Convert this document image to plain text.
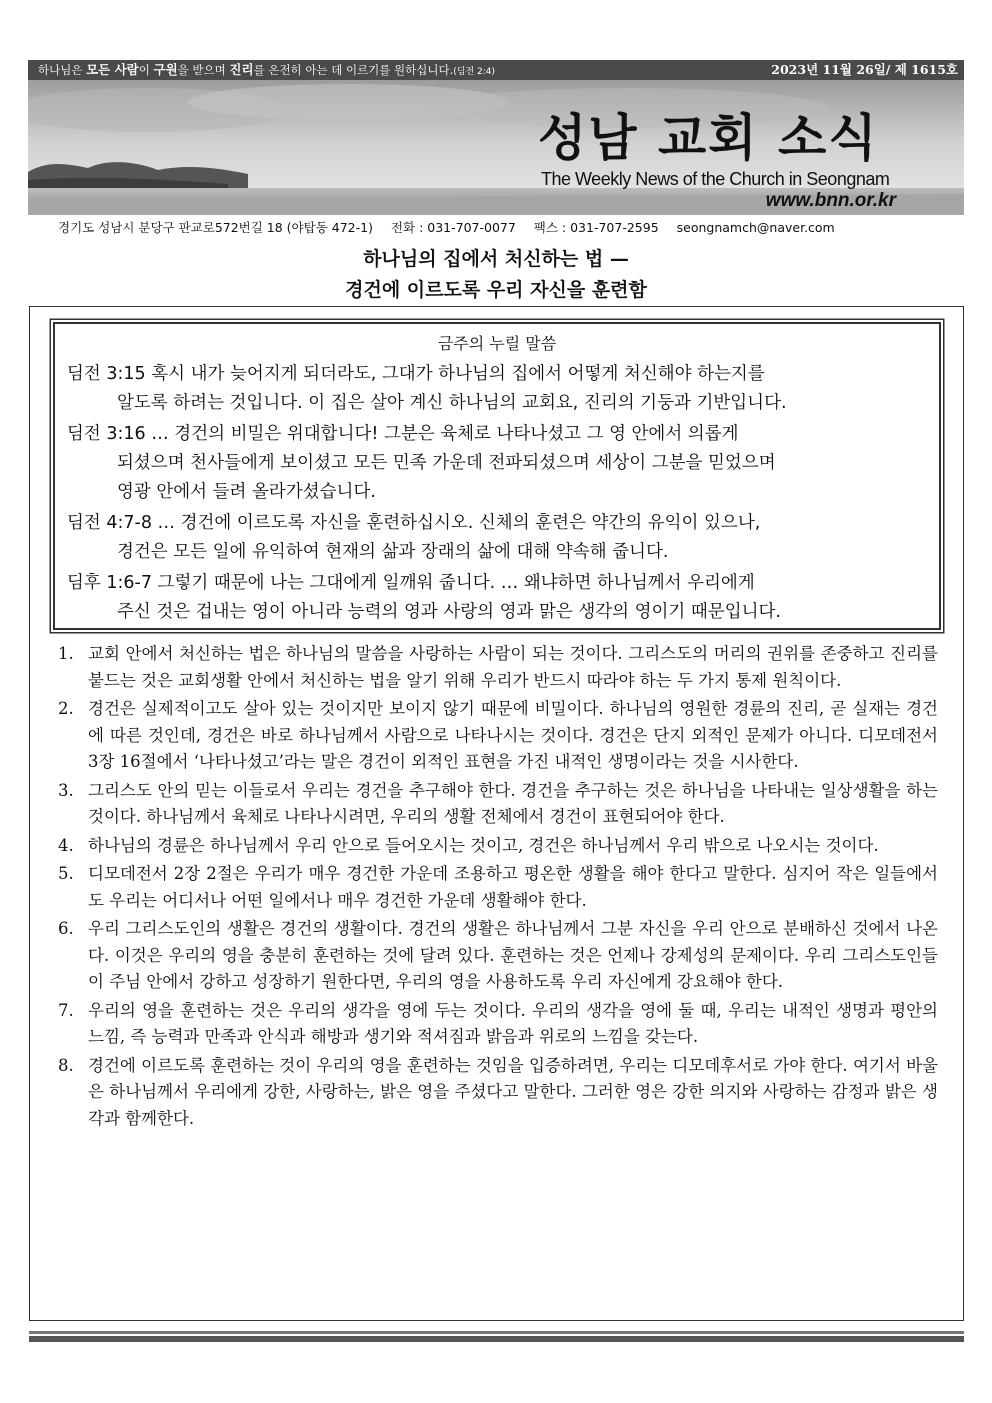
하나님은 모든 사람이 구원을 받으며 진리를 온전히 아는 데 이르기를 원하십니다.(딤전 2:4)	2023년 11월 26일/ 제 1615호
성남 교회 소식
The Weekly News of the Church in Seongnam
www.bnn.or.kr
경기도 성남시 분당구 판교로572번길 18 (야탑동 472-1) 전화 : 031-707-0077 팩스 : 031-707-2595 seongnamch@naver.com
하나님의 집에서 처신하는 법 —
경건에 이르도록 우리 자신을 훈련함
금주의 누릴 말씀
딤전 3:15 혹시 내가 늦어지게 되더라도, 그대가 하나님의 집에서 어떻게 처신해야 하는지를
알도록 하려는 것입니다. 이 집은 살아 계신 하나님의 교회요, 진리의 기둥과 기반입니다.
딤전 3:16 … 경건의 비밀은 위대합니다! 그분은 육체로 나타나셨고 그 영 안에서 의롭게
되셨으며 천사들에게 보이셨고 모든 민족 가운데 전파되셨으며 세상이 그분을 믿었으며
영광 안에서 들려 올라가셨습니다.
딤전 4:7-8 … 경건에 이르도록 자신을 훈련하십시오. 신체의 훈련은 약간의 유익이 있으나,
경건은 모든 일에 유익하여 현재의 삶과 장래의 삶에 대해 약속해 줍니다.
딤후 1:6-7 그렇기 때문에 나는 그대에게 일깨워 줍니다. … 왜냐하면 하나님께서 우리에게
주신 것은 겁내는 영이 아니라 능력의 영과 사랑의 영과 맑은 생각의 영이기 때문입니다.
1. 교회 안에서 처신하는 법은 하나님의 말씀을 사랑하는 사람이 되는 것이다. 그리스도의 머리의 권위를 존중하고 진리를 붙드는 것은 교회생활 안에서 처신하는 법을 알기 위해 우리가 반드시 따라야 하는 두 가지 통제 원칙이다.
2. 경건은 실제적이고도 살아 있는 것이지만 보이지 않기 때문에 비밀이다. 하나님의 영원한 경륜의 진리, 곧 실재는 경건에 따른 것인데, 경건은 바로 하나님께서 사람으로 나타나시는 것이다. 경건은 단지 외적인 문제가 아니다. 디모데전서 3장 16절에서 ‘나타나셨고’라는 말은 경건이 외적인 표현을 가진 내적인 생명이라는 것을 시사한다.
3. 그리스도 안의 믿는 이들로서 우리는 경건을 추구해야 한다. 경건을 추구하는 것은 하나님을 나타내는 일상생활을 하는 것이다. 하나님께서 육체로 나타나시려면, 우리의 생활 전체에서 경건이 표현되어야 한다.
4. 하나님의 경륜은 하나님께서 우리 안으로 들어오시는 것이고, 경건은 하나님께서 우리 밖으로 나오시는 것이다.
5. 디모데전서 2장 2절은 우리가 매우 경건한 가운데 조용하고 평온한 생활을 해야 한다고 말한다. 심지어 작은 일들에서도 우리는 어디서나 어떤 일에서나 매우 경건한 가운데 생활해야 한다.
6. 우리 그리스도인의 생활은 경건의 생활이다. 경건의 생활은 하나님께서 그분 자신을 우리 안으로 분배하신 것에서 나온다. 이것은 우리의 영을 충분히 훈련하는 것에 달려 있다. 훈련하는 것은 언제나 강제성의 문제이다. 우리 그리스도인들이 주님 안에서 강하고 성장하기 원한다면, 우리의 영을 사용하도록 우리 자신에게 강요해야 한다.
7. 우리의 영을 훈련하는 것은 우리의 생각을 영에 두는 것이다. 우리의 생각을 영에 둘 때, 우리는 내적인 생명과 평안의 느낌, 즉 능력과 만족과 안식과 해방과 생기와 적셔짐과 밝음과 위로의 느낌을 갖는다.
8. 경건에 이르도록 훈련하는 것이 우리의 영을 훈련하는 것임을 입증하려면, 우리는 디모데후서로 가야 한다. 여기서 바울은 하나님께서 우리에게 강한, 사랑하는, 밝은 영을 주셨다고 말한다. 그러한 영은 강한 의지와 사랑하는 감정과 밝은 생각과 함께한다.
